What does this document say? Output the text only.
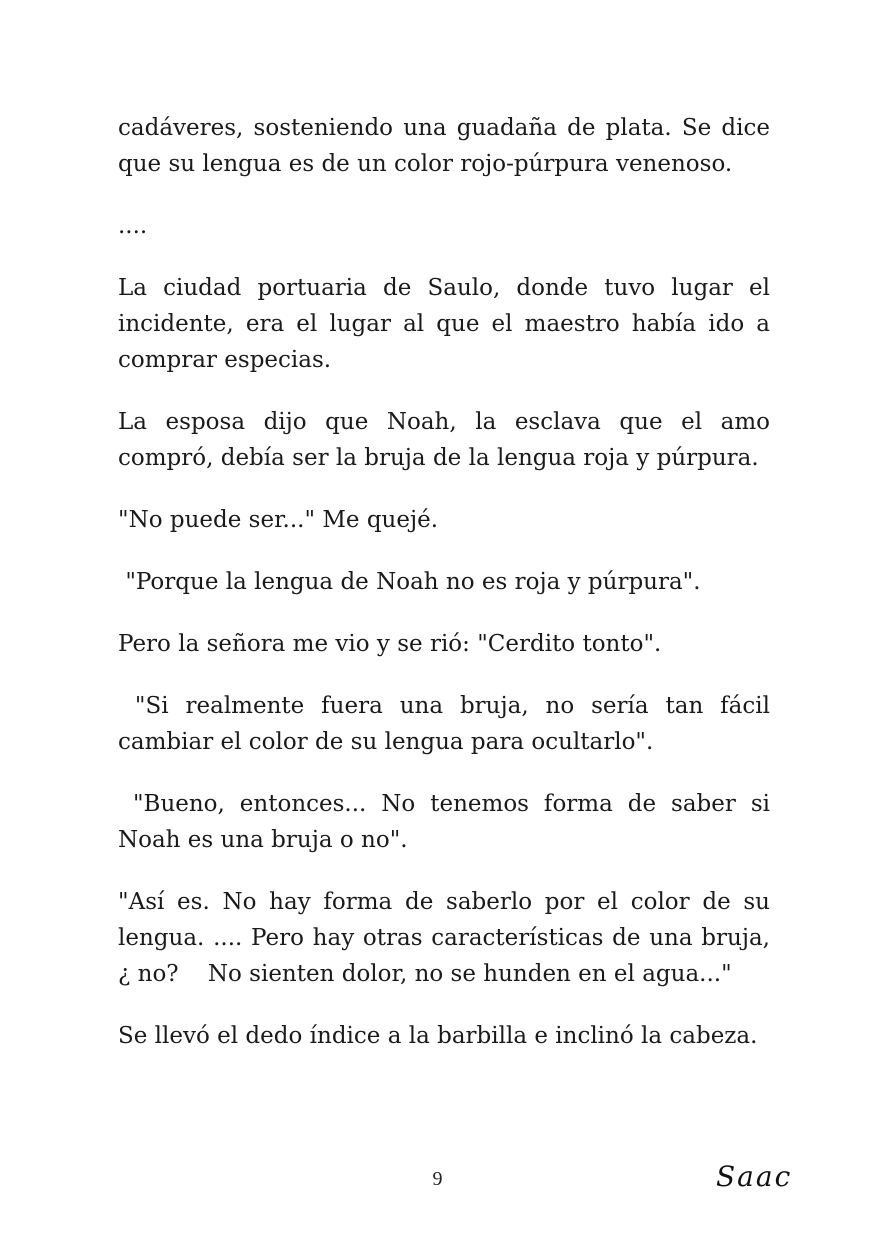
cadáveres, sosteniendo una guadaña de plata. Se dice que su lengua es de un color rojo-púrpura venenoso.

....

La ciudad portuaria de Saulo, donde tuvo lugar el incidente, era el lugar al que el maestro había ido a comprar especias.

La esposa dijo que Noah, la esclava que el amo compró, debía ser la bruja de la lengua roja y púrpura.

"No puede ser..." Me quejé.

"Porque la lengua de Noah no es roja y púrpura".

Pero la señora me vio y se rió: "Cerdito tonto".

"Si realmente fuera una bruja, no sería tan fácil cambiar el color de su lengua para ocultarlo".

"Bueno, entonces... No tenemos forma de saber si Noah es una bruja o no".

"Así es. No hay forma de saberlo por el color de su lengua. .... Pero hay otras características de una bruja, ¿ no?    No sienten dolor, no se hunden en el agua..."

Se llevó el dedo índice a la barbilla e inclinó la cabeza.

9	Saac
